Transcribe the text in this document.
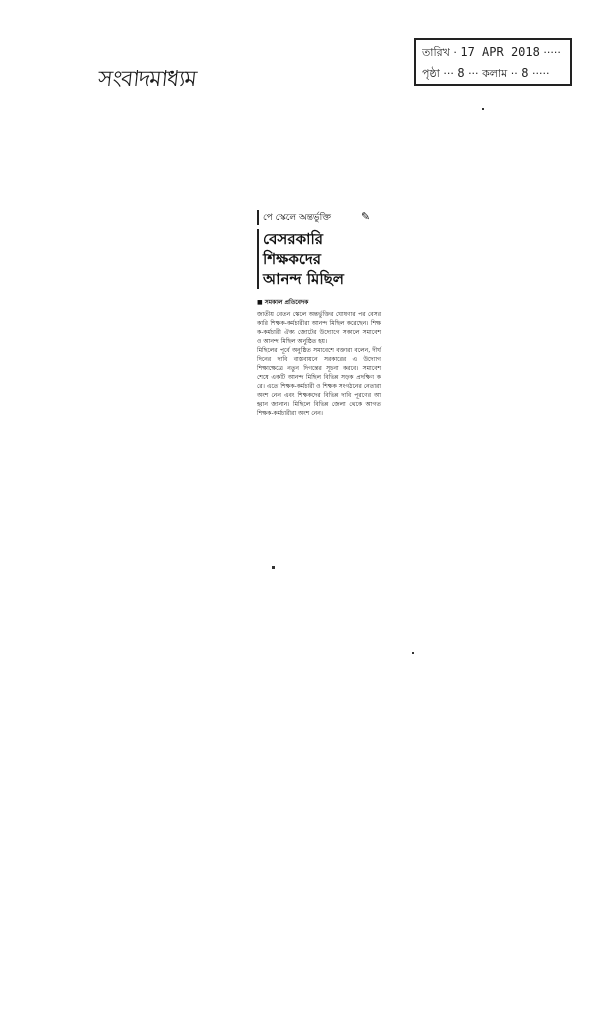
সংবাদমাধ্যম
তারিখ · 17 APR 2018 ·····
পৃষ্ঠা ··· 8 ··· কলাম ·· 8 ·····
পে স্কেলে অন্তর্ভুক্তি	✎
বেসরকারি
শিক্ষকদের
আনন্দ মিছিল
■ সমকাল প্রতিবেদক

জাতীয় বেতন স্কেলে অন্তর্ভুক্তির ঘোষণার পর বেসরকারি শিক্ষক-কর্মচারীরা আনন্দ মিছিল করেছেন। শিক্ষক-কর্মচারী ঐক্য জোটের উদ্যোগে সকালে সমাবেশ ও আনন্দ মিছিল অনুষ্ঠিত হয়।

মিছিলের পূর্বে অনুষ্ঠিত সমাবেশে বক্তারা বলেন, দীর্ঘদিনের দাবি বাস্তবায়নে সরকারের এ উদ্যোগ শিক্ষাক্ষেত্রে নতুন দিগন্তের সূচনা করবে। সমাবেশ শেষে একটি আনন্দ মিছিল বিভিন্ন সড়ক প্রদক্ষিণ করে। এতে শিক্ষক-কর্মচারী ও শিক্ষক সংগঠনের নেতারা অংশ নেন এবং শিক্ষকদের বিভিন্ন দাবি পূরণের আহ্বান জানান। মিছিলে বিভিন্ন জেলা থেকে আগত শিক্ষক-কর্মচারীরা অংশ নেন।
